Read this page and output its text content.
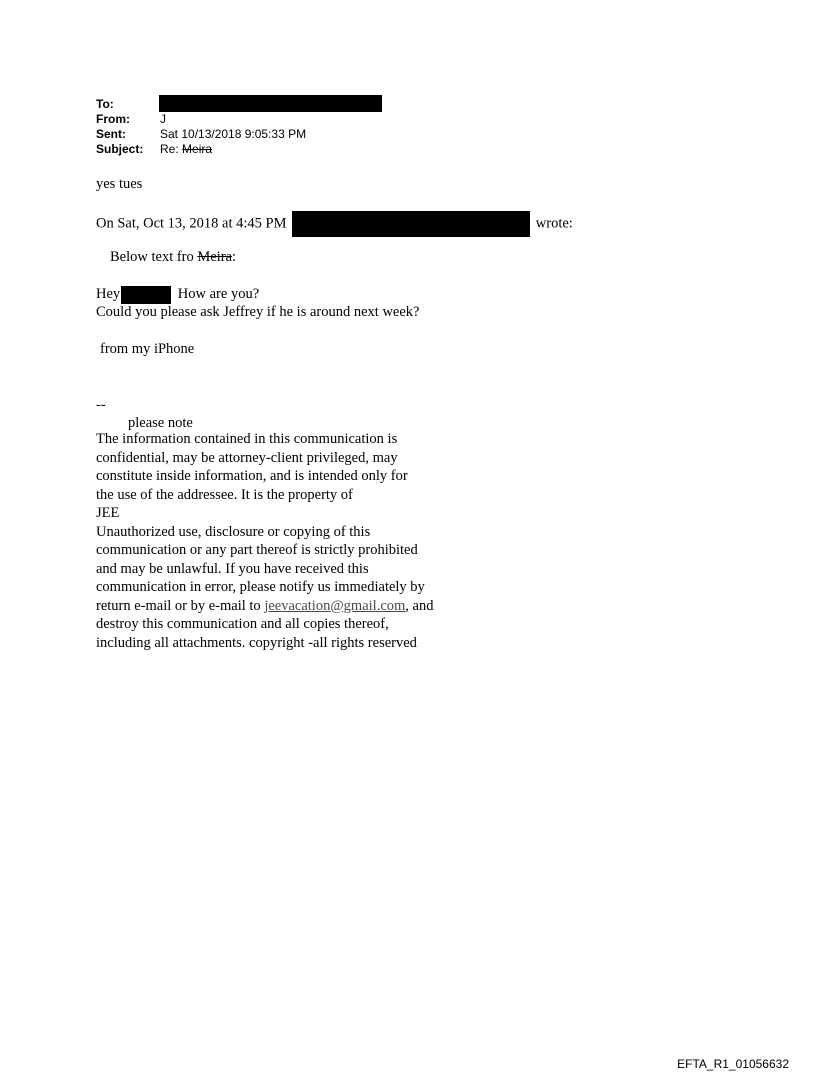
To:
From:	J
Sent:	Sat 10/13/2018 9:05:33 PM
Subject: Re: Meira
yes tues
On Sat, Oct 13, 2018 at 4:45 PM	wrote:
Below text fro Meira:
Hey	How are you?
Could you please ask Jeffrey if he is around next week?
from my iPhone
--
please note
The information contained in this communication is
confidential, may be attorney-client privileged, may
constitute inside information, and is intended only for
the use of the addressee. It is the property of
JEE
Unauthorized use, disclosure or copying of this
communication or any part thereof is strictly prohibited
and may be unlawful. If you have received this
communication in error, please notify us immediately by
return e-mail or by e-mail to jeevacation@gmail.com, and
destroy this communication and all copies thereof,
including all attachments. copyright -all rights reserved
EFTA_R1_01056632
